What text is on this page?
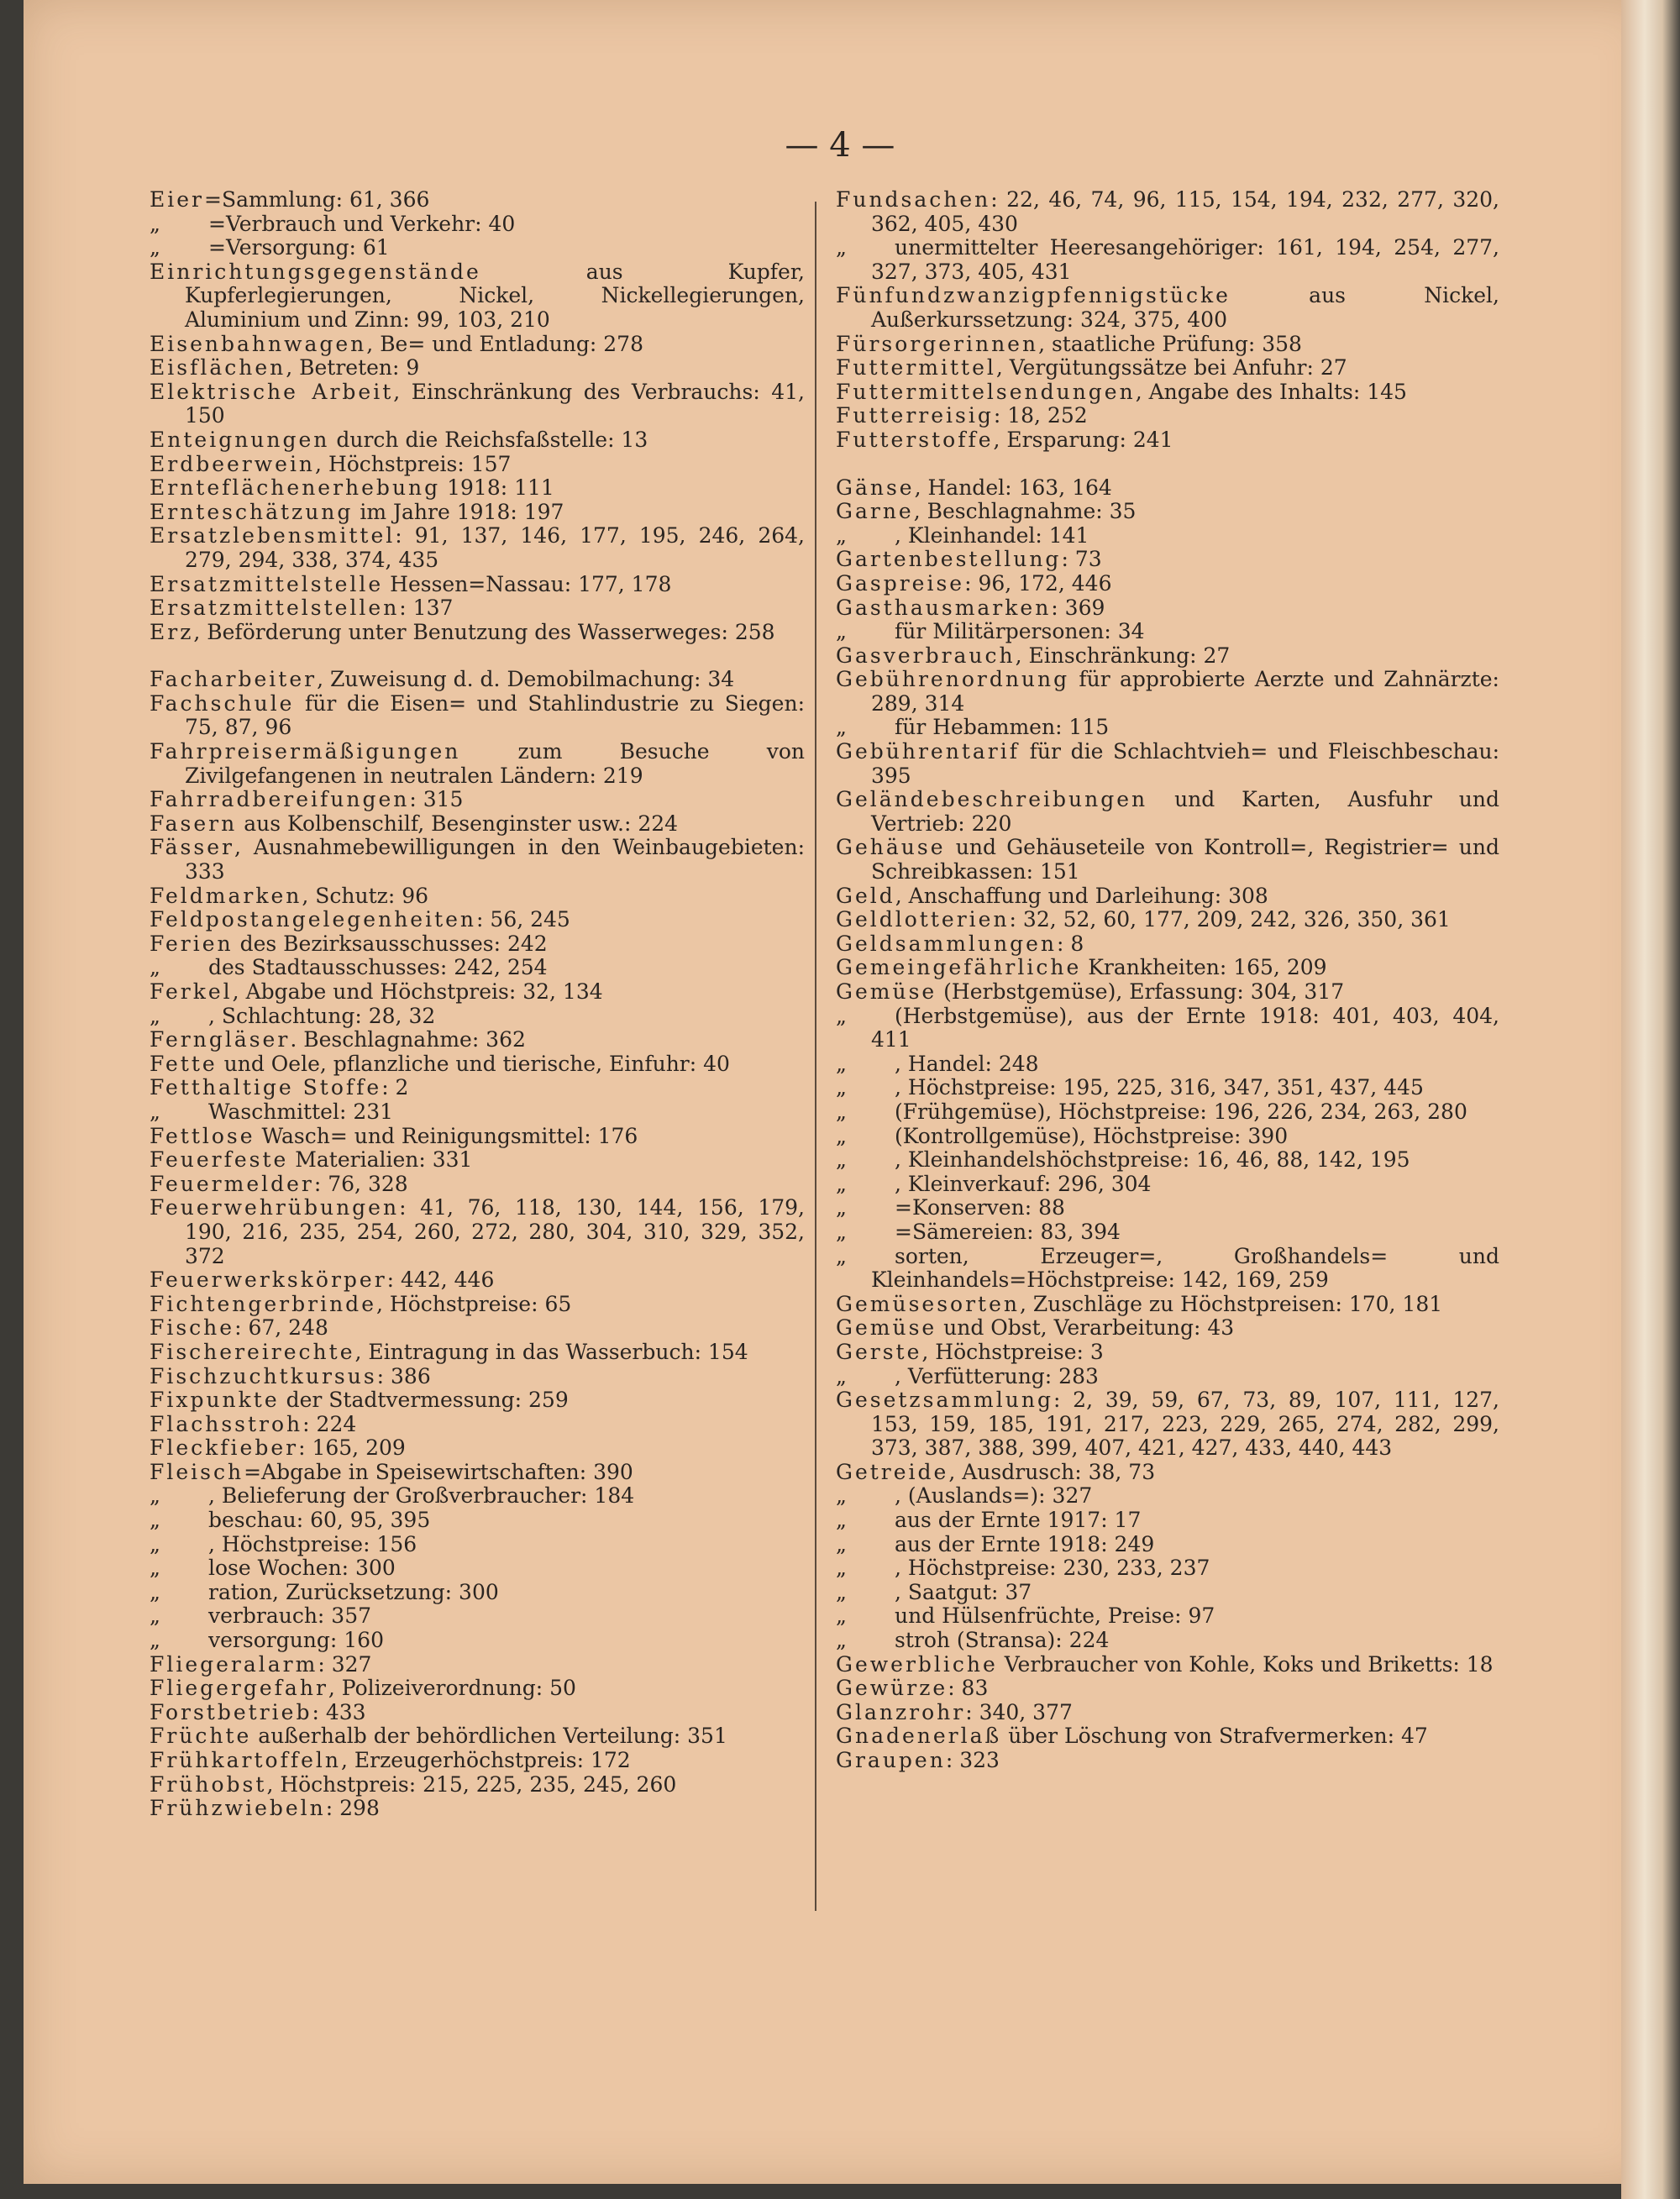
— 4 —
Eier=Sammlung: 61, 366
„ =Verbrauch und Verkehr: 40
„ =Versorgung: 61
Einrichtungsgegenstände	aus Kupfer, Kupferlegierungen, Nickel, Nickellegierungen, Aluminium und Zinn: 99, 103, 210
Eisenbahnwagen, Be= und Entladung: 278
Eisflächen, Betreten: 9
Elektrische Arbeit, Einschränkung des Verbrauchs: 41, 150
Enteignungen durch die Reichsfaßstelle: 13
Erdbeerwein, Höchstpreis: 157
Ernteflächenerhebung 1918: 111
Ernteschätzung im Jahre 1918: 197
Ersatzlebensmittel: 91, 137, 146, 177, 195, 246, 264, 279, 294, 338, 374, 435
Ersatzmittelstelle Hessen=Nassau: 177, 178
Ersatzmittelstellen: 137
Erz, Beförderung unter Benutzung des Wasserweges: 258
Facharbeiter, Zuweisung d. d. Demobilmachung: 34
Fachschule für die Eisen= und Stahlindustrie zu Siegen: 75, 87, 96
Fahrpreisermäßigungen	zum Besuche von Zivilgefangenen in neutralen Ländern: 219
Fahrradbereifungen: 315
Fasern aus Kolbenschilf, Besenginster usw.: 224
Fässer, Ausnahmebewilligungen in den Weinbaugebieten: 333
Feldmarken, Schutz: 96
Feldpostangelegenheiten: 56, 245
Ferien des Bezirksausschusses: 242
„ des Stadtausschusses: 242, 254
Ferkel, Abgabe und Höchstpreis: 32, 134
„ , Schlachtung: 28, 32
Ferngläser. Beschlagnahme: 362
Fette und Oele, pflanzliche und tierische, Einfuhr: 40
Fetthaltige Stoffe: 2
„ Waschmittel: 231
Fettlose Wasch= und Reinigungsmittel: 176
Feuerfeste Materialien: 331
Feuermelder: 76, 328
Feuerwehrübungen: 41, 76, 118, 130, 144, 156, 179, 190, 216, 235, 254, 260, 272, 280, 304, 310, 329, 352, 372
Feuerwerkskörper: 442, 446
Fichtengerbrinde, Höchstpreise: 65
Fische: 67, 248
Fischereirechte, Eintragung in das Wasserbuch: 154
Fischzuchtkursus: 386
Fixpunkte der Stadtvermessung: 259
Flachsstroh: 224
Fleckfieber: 165, 209
Fleisch=Abgabe in Speisewirtschaften: 390
„ , Belieferung der Großverbraucher: 184
„ beschau: 60, 95, 395
„ , Höchstpreise: 156
„ lose Wochen: 300
„ ration, Zurücksetzung: 300
„ verbrauch: 357
„ versorgung: 160
Fliegeralarm: 327
Fliegergefahr, Polizeiverordnung: 50
Forstbetrieb: 433
Früchte außerhalb der behördlichen Verteilung: 351
Frühkartoffeln, Erzeugerhöchstpreis: 172
Frühobst, Höchstpreis: 215, 225, 235, 245, 260
Frühzwiebeln: 298
Fundsachen: 22, 46, 74, 96, 115, 154, 194, 232, 277, 320, 362, 405, 430
„ unermittelter Heeresangehöriger: 161, 194, 254, 277, 327, 373, 405, 431
Fünfundzwanzigpfennigstücke	aus Nickel, Außerkurssetzung: 324, 375, 400
Fürsorgerinnen, staatliche Prüfung: 358
Futtermittel, Vergütungssätze bei Anfuhr: 27
Futtermittelsendungen, Angabe des Inhalts: 145
Futterreisig: 18, 252
Futterstoffe, Ersparung: 241
Gänse, Handel: 163, 164
Garne, Beschlagnahme: 35
„ , Kleinhandel: 141
Gartenbestellung: 73
Gaspreise: 96, 172, 446
Gasthausmarken: 369
„ für Militärpersonen: 34
Gasverbrauch, Einschränkung: 27
Gebührenordnung für approbierte Aerzte und Zahnärzte: 289, 314
„ für Hebammen: 115
Gebührentarif für die Schlachtvieh= und Fleischbeschau: 395
Geländebeschreibungen und Karten, Ausfuhr und Vertrieb: 220
Gehäuse und Gehäuseteile von Kontroll=, Registrier= und Schreibkassen: 151
Geld, Anschaffung und Darleihung: 308
Geldlotterien: 32, 52, 60, 177, 209, 242, 326, 350, 361
Geldsammlungen: 8
Gemeingefährliche Krankheiten: 165, 209
Gemüse (Herbstgemüse), Erfassung: 304, 317
„ (Herbstgemüse), aus der Ernte 1918: 401, 403, 404, 411
„ , Handel: 248
„ , Höchstpreise: 195, 225, 316, 347, 351, 437, 445
„ (Frühgemüse), Höchstpreise: 196, 226, 234, 263, 280
„ (Kontrollgemüse), Höchstpreise: 390
„ , Kleinhandelshöchstpreise: 16, 46, 88, 142, 195
„ , Kleinverkauf: 296, 304
„ =Konserven: 88
„ =Sämereien: 83, 394
„ sorten, Erzeuger=, Großhandels= und Kleinhandels=Höchstpreise: 142, 169, 259
Gemüsesorten, Zuschläge zu Höchstpreisen: 170, 181
Gemüse und Obst, Verarbeitung: 43
Gerste, Höchstpreise: 3
„ , Verfütterung: 283
Gesetzsammlung: 2, 39, 59, 67, 73, 89, 107, 111, 127, 153, 159, 185, 191, 217, 223, 229, 265, 274, 282, 299, 373, 387, 388, 399, 407, 421, 427, 433, 440, 443
Getreide, Ausdrusch: 38, 73
„ , (Auslands=): 327
„ aus der Ernte 1917: 17
„ aus der Ernte 1918: 249
„ , Höchstpreise: 230, 233, 237
„ , Saatgut: 37
„ und Hülsenfrüchte, Preise: 97
„ stroh (Stransa): 224
Gewerbliche Verbraucher von Kohle, Koks und Briketts: 18
Gewürze: 83
Glanzrohr: 340, 377
Gnadenerlaß über Löschung von Strafvermerken: 47
Graupen: 323
